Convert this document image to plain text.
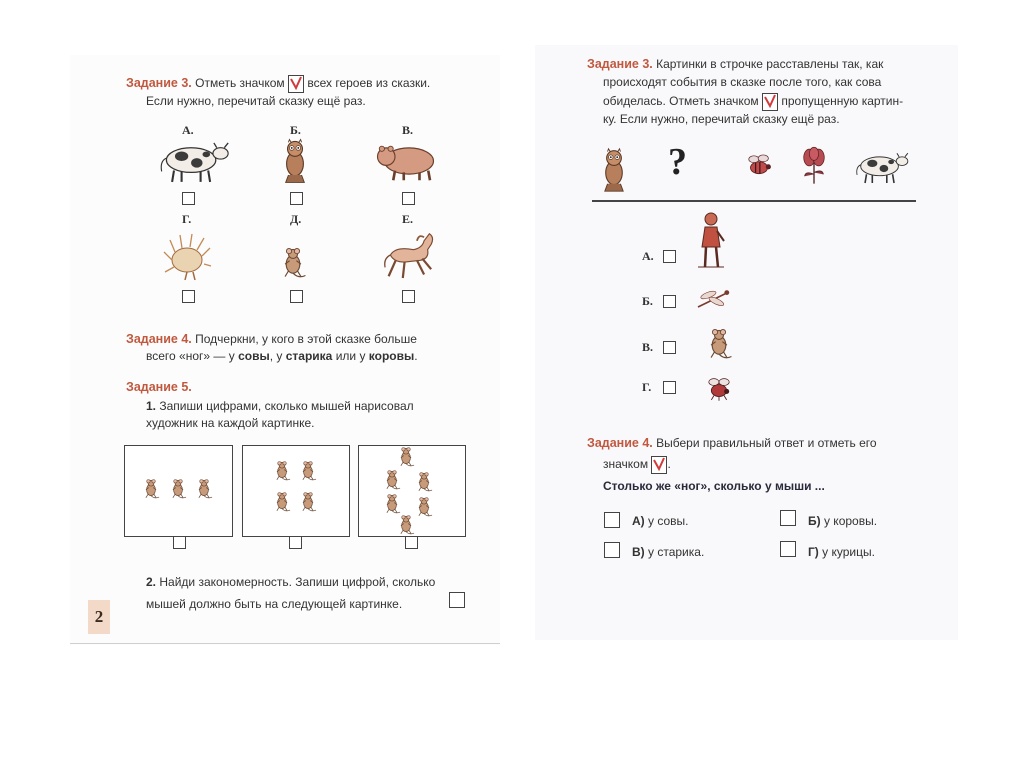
Задание 3. Отметь значком всех героев из сказки.
Если нужно, перечитай сказку ещё раз.
А.	Б.	В.
Г.	Д.	Е.
Задание 4. Подчеркни, у кого в этой сказке больше
всего «ног» — у совы, у старика или у коровы.
Задание 5.
1. Запиши цифрами, сколько мышей нарисовал
художник на каждой картинке.
2. Найди закономерность. Запиши цифрой, сколько
мышей должно быть на следующей картинке.
2
Задание 3. Картинки в строчке расставлены так, как
происходят события в сказке после того, как сова
обиделась. Отметь значком пропущенную картин-
ку. Если нужно, перечитай сказку ещё раз.
?
А.
Б.
В.
Г.
Задание 4. Выбери правильный ответ и отметь его
значком .
Столько же «ног», сколько у мыши ...
А) у совы.	Б) у коровы.
В) у старика.	Г) у курицы.
